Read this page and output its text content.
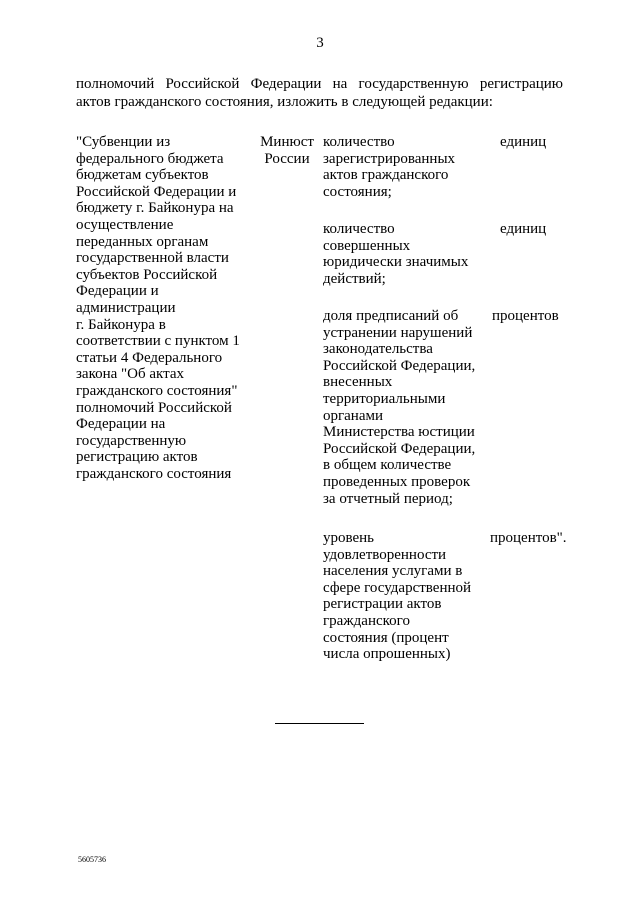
3
полномочий Российской Федерации на государственную регистрацию
актов гражданского состояния, изложить в следующей редакции:
"Субвенции из
федерального бюджета
бюджетам субъектов
Российской Федерации и
бюджету г. Байконура на
осуществление
переданных органам
государственной власти
субъектов Российской
Федерации и
администрации
г. Байконура в
соответствии с пунктом 1
статьи 4 Федерального
закона "Об актах
гражданского состояния"
полномочий Российской
Федерации на
государственную
регистрацию актов
гражданского состояния
Минюст
России
количество
зарегистрированных
актов гражданского
состояния;
единиц
количество
совершенных
юридически значимых
действий;
единиц
доля предписаний об
устранении нарушений
законодательства
Российской Федерации,
внесенных
территориальными
органами
Министерства юстиции
Российской Федерации,
в общем количестве
проведенных проверок
за отчетный период;
процентов
уровень
удовлетворенности
населения услугами в
сфере государственной
регистрации актов
гражданского
состояния (процент
числа опрошенных)
процентов".
5605736
